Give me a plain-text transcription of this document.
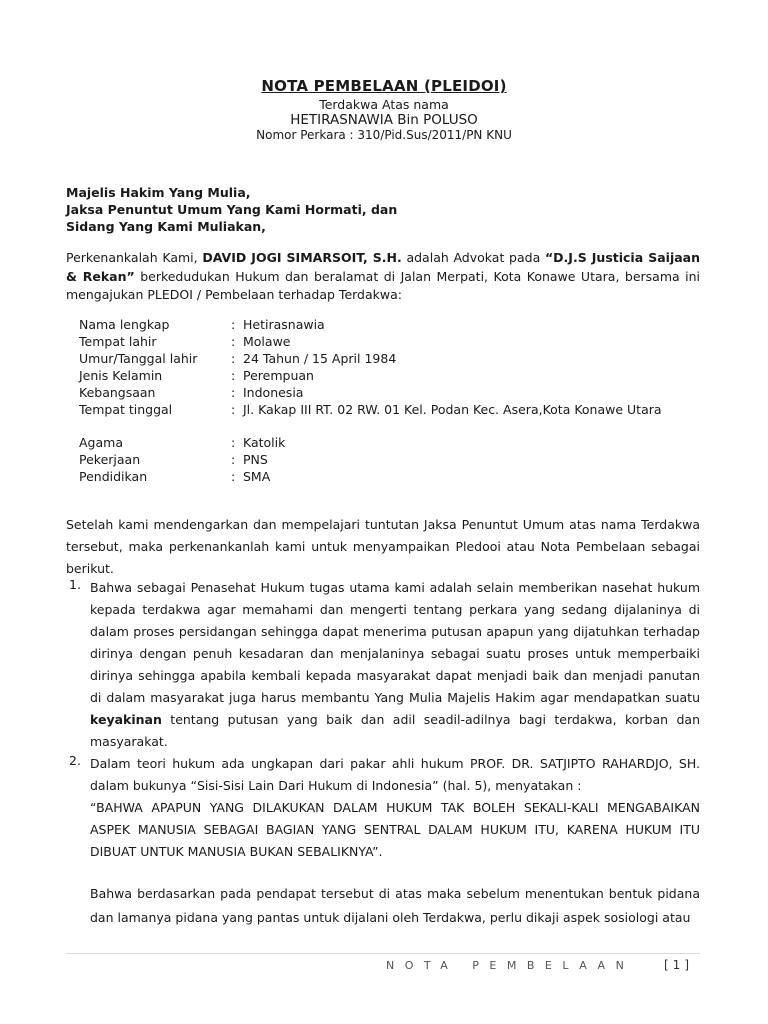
NOTA PEMBELAAN (PLEIDOI)
Terdakwa Atas nama
HETIRASNAWIA Bin POLUSO
Nomor Perkara : 310/Pid.Sus/2011/PN KNU
Majelis Hakim Yang Mulia,
Jaksa Penuntut Umum Yang Kami Hormati, dan
Sidang Yang Kami Muliakan,
Perkenankalah Kami, DAVID JOGI SIMARSOIT, S.H. adalah Advokat pada “D.J.S Justicia Saijaan & Rekan” berkedudukan Hukum dan beralamat di Jalan Merpati, Kota Konawe Utara, bersama ini mengajukan PLEDOI / Pembelaan terhadap Terdakwa:
Nama lengkap	: Hetirasnawia
Tempat lahir	: Molawe
Umur/Tanggal lahir	: 24 Tahun / 15 April 1984
Jenis Kelamin	: Perempuan
Kebangsaan	: Indonesia
Tempat tinggal	: Jl. Kakap III RT. 02 RW. 01 Kel. Podan Kec. Asera,Kota Konawe Utara
Agama	: Katolik
Pekerjaan	: PNS
Pendidikan	: SMA
Setelah kami mendengarkan dan mempelajari tuntutan Jaksa Penuntut Umum atas nama Terdakwa tersebut, maka perkenankanlah kami untuk menyampaikan Pledooi atau Nota Pembelaan sebagai berikut.
1. Bahwa sebagai Penasehat Hukum tugas utama kami adalah selain memberikan nasehat hukum kepada terdakwa agar memahami dan mengerti tentang perkara yang sedang dijalaninya di dalam proses persidangan sehingga dapat menerima putusan apapun yang dijatuhkan terhadap dirinya dengan penuh kesadaran dan menjalaninya sebagai suatu proses untuk memperbaiki dirinya sehingga apabila kembali kepada masyarakat dapat menjadi baik dan menjadi panutan di dalam masyarakat juga harus membantu Yang Mulia Majelis Hakim agar mendapatkan suatu keyakinan tentang putusan yang baik dan adil seadil-adilnya bagi terdakwa, korban dan masyarakat.
2. Dalam teori hukum ada ungkapan dari pakar ahli hukum PROF. DR. SATJIPTO RAHARDJO, SH. dalam bukunya “Sisi-Sisi Lain Dari Hukum di Indonesia” (hal. 5), menyatakan :
“BAHWA APAPUN YANG DILAKUKAN DALAM HUKUM TAK BOLEH SEKALI-KALI MENGABAIKAN ASPEK MANUSIA SEBAGAI BAGIAN YANG SENTRAL DALAM HUKUM ITU, KARENA HUKUM ITU DIBUAT UNTUK MANUSIA BUKAN SEBALIKNYA”.
Bahwa berdasarkan pada pendapat tersebut di atas maka sebelum menentukan bentuk pidana dan lamanya pidana yang pantas untuk dijalani oleh Terdakwa, perlu dikaji aspek sosiologi atau
NOTA PEMBELAAN [1]
